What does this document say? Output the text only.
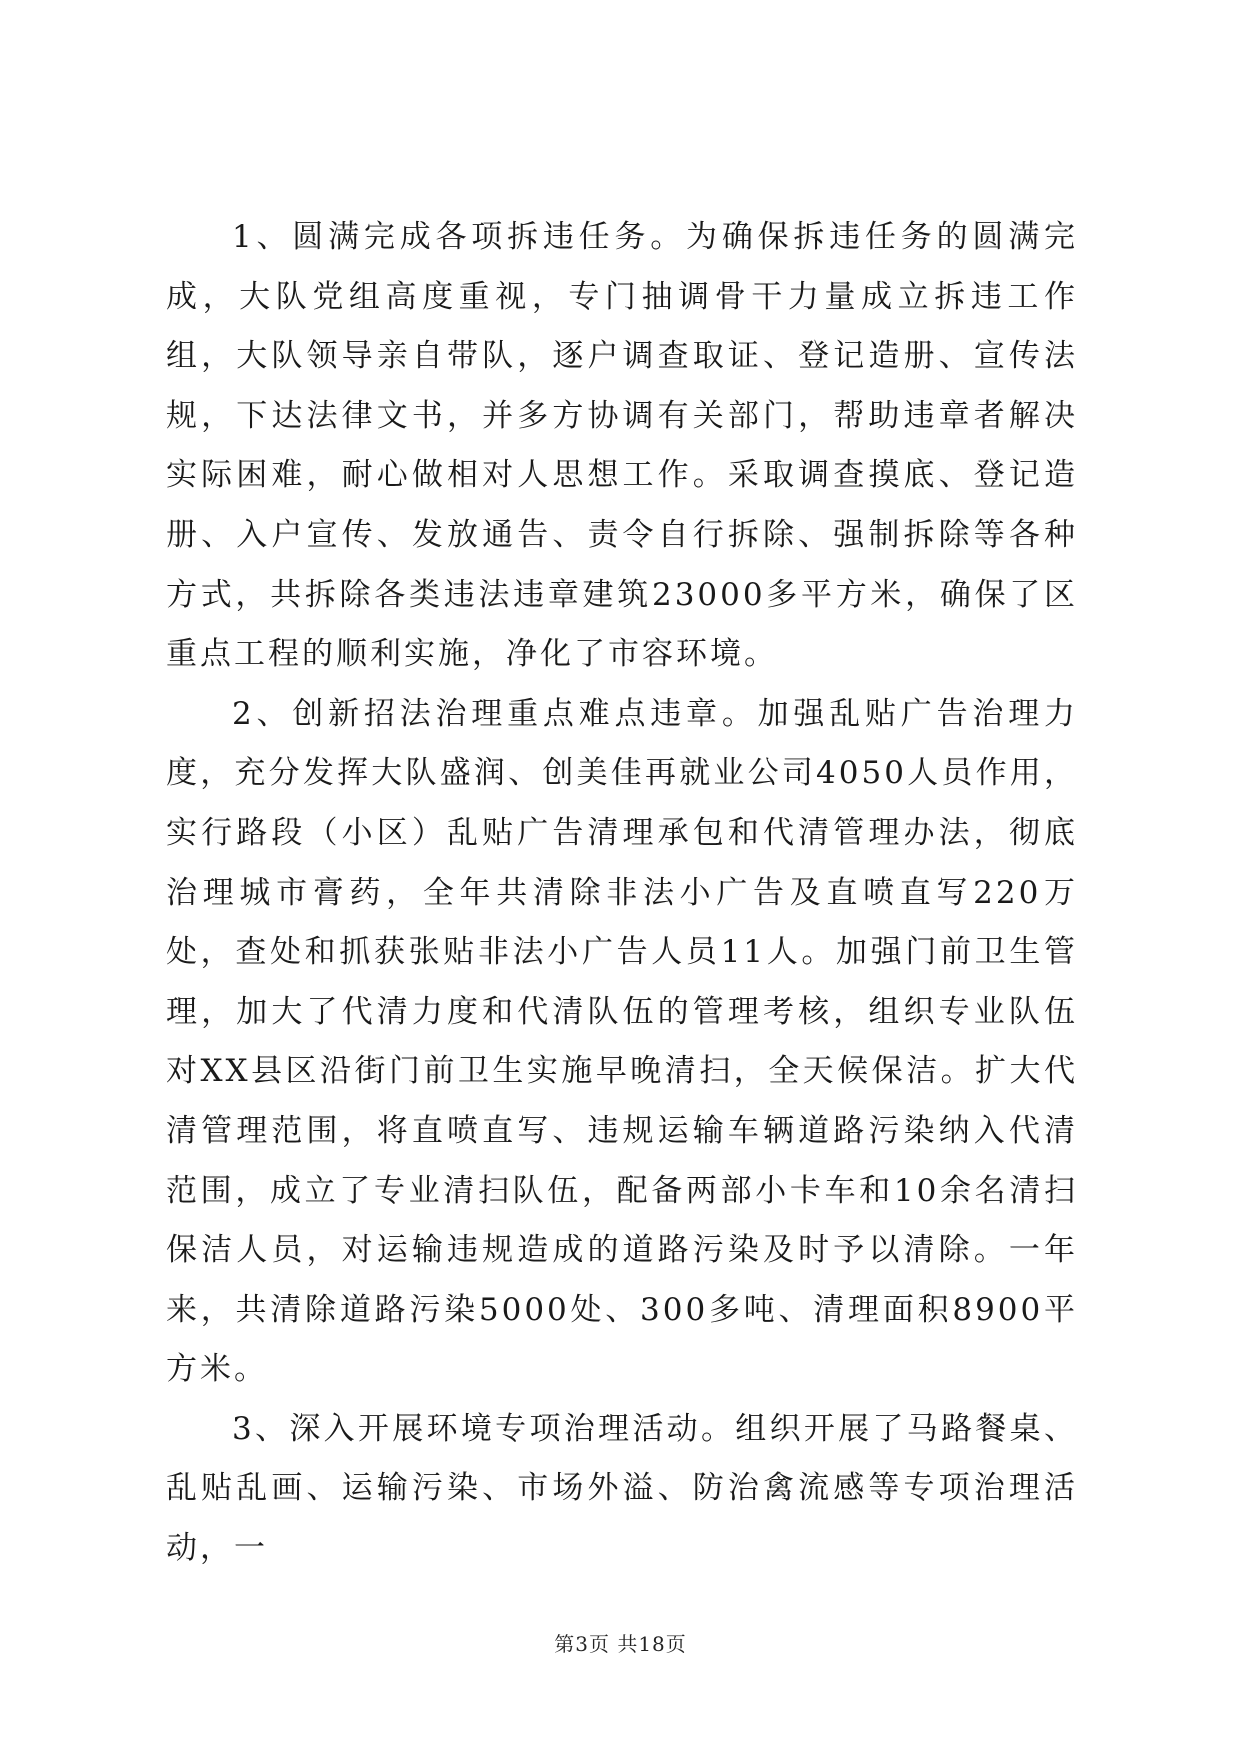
1、圆满完成各项拆违任务。为确保拆违任务的圆满完成，大队党组高度重视，专门抽调骨干力量成立拆违工作组，大队领导亲自带队，逐户调查取证、登记造册、宣传法规，下达法律文书，并多方协调有关部门，帮助违章者解决实际困难，耐心做相对人思想工作。采取调查摸底、登记造册、入户宣传、发放通告、责令自行拆除、强制拆除等各种方式，共拆除各类违法违章建筑23000多平方米，确保了区重点工程的顺利实施，净化了市容环境。

2、创新招法治理重点难点违章。加强乱贴广告治理力度，充分发挥大队盛润、创美佳再就业公司4050人员作用，实行路段（小区）乱贴广告清理承包和代清管理办法，彻底治理城市膏药，全年共清除非法小广告及直喷直写220万处，查处和抓获张贴非法小广告人员11人。加强门前卫生管理，加大了代清力度和代清队伍的管理考核，组织专业队伍对XX县区沿街门前卫生实施早晚清扫，全天候保洁。扩大代清管理范围，将直喷直写、违规运输车辆道路污染纳入代清范围，成立了专业清扫队伍，配备两部小卡车和10余名清扫保洁人员，对运输违规造成的道路污染及时予以清除。一年来，共清除道路污染5000处、300多吨、清理面积8900平方米。

3、深入开展环境专项治理活动。组织开展了马路餐桌、乱贴乱画、运输污染、市场外溢、防治禽流感等专项治理活动，一

第3页 共18页
